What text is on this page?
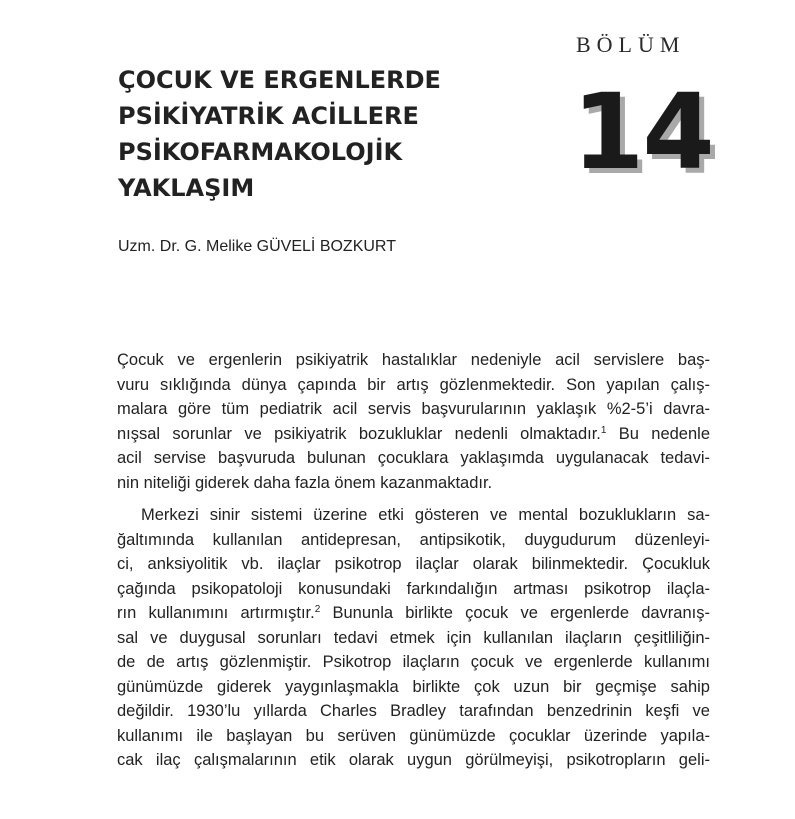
BÖLÜM
14
ÇOCUK VE ERGENLERDE
PSİKİYATRİK ACİLLERE
PSİKOFARMAKOLOJİK
YAKLAŞIM
Uzm. Dr. G. Melike GÜVELİ BOZKURT
Çocuk ve ergenlerin psikiyatrik hastalıklar nedeniyle acil servislere baş-
vuru sıklığında dünya çapında bir artış gözlenmektedir. Son yapılan çalış-
malara göre tüm pediatrik acil servis başvurularının yaklaşık %2-5’i davra-
nışsal sorunlar ve psikiyatrik bozukluklar nedenli olmaktadır.$^1$ Bu nedenle
acil servise başvuruda bulunan çocuklara yaklaşımda uygulanacak tedavi-
nin niteliği giderek daha fazla önem kazanmaktadır.
Merkezi sinir sistemi üzerine etki gösteren ve mental bozuklukların sa-
ğaltımında kullanılan antidepresan, antipsikotik, duygudurum düzenleyi-
ci, anksiyolitik vb. ilaçlar psikotrop ilaçlar olarak bilinmektedir. Çocukluk
çağında psikopatoloji konusundaki farkındalığın artması psikotrop ilaçla-
rın kullanımını artırmıştır.$^2$ Bununla birlikte çocuk ve ergenlerde davranış-
sal ve duygusal sorunları tedavi etmek için kullanılan ilaçların çeşitliliğin-
de de artış gözlenmiştir. Psikotrop ilaçların çocuk ve ergenlerde kullanımı
günümüzde giderek yaygınlaşmakla birlikte çok uzun bir geçmişe sahip
değildir. 1930’lu yıllarda Charles Bradley tarafından benzedrinin keşfi ve
kullanımı ile başlayan bu serüven günümüzde çocuklar üzerinde yapıla-
cak ilaç çalışmalarının etik olarak uygun görülmeyişi, psikotropların geli-
